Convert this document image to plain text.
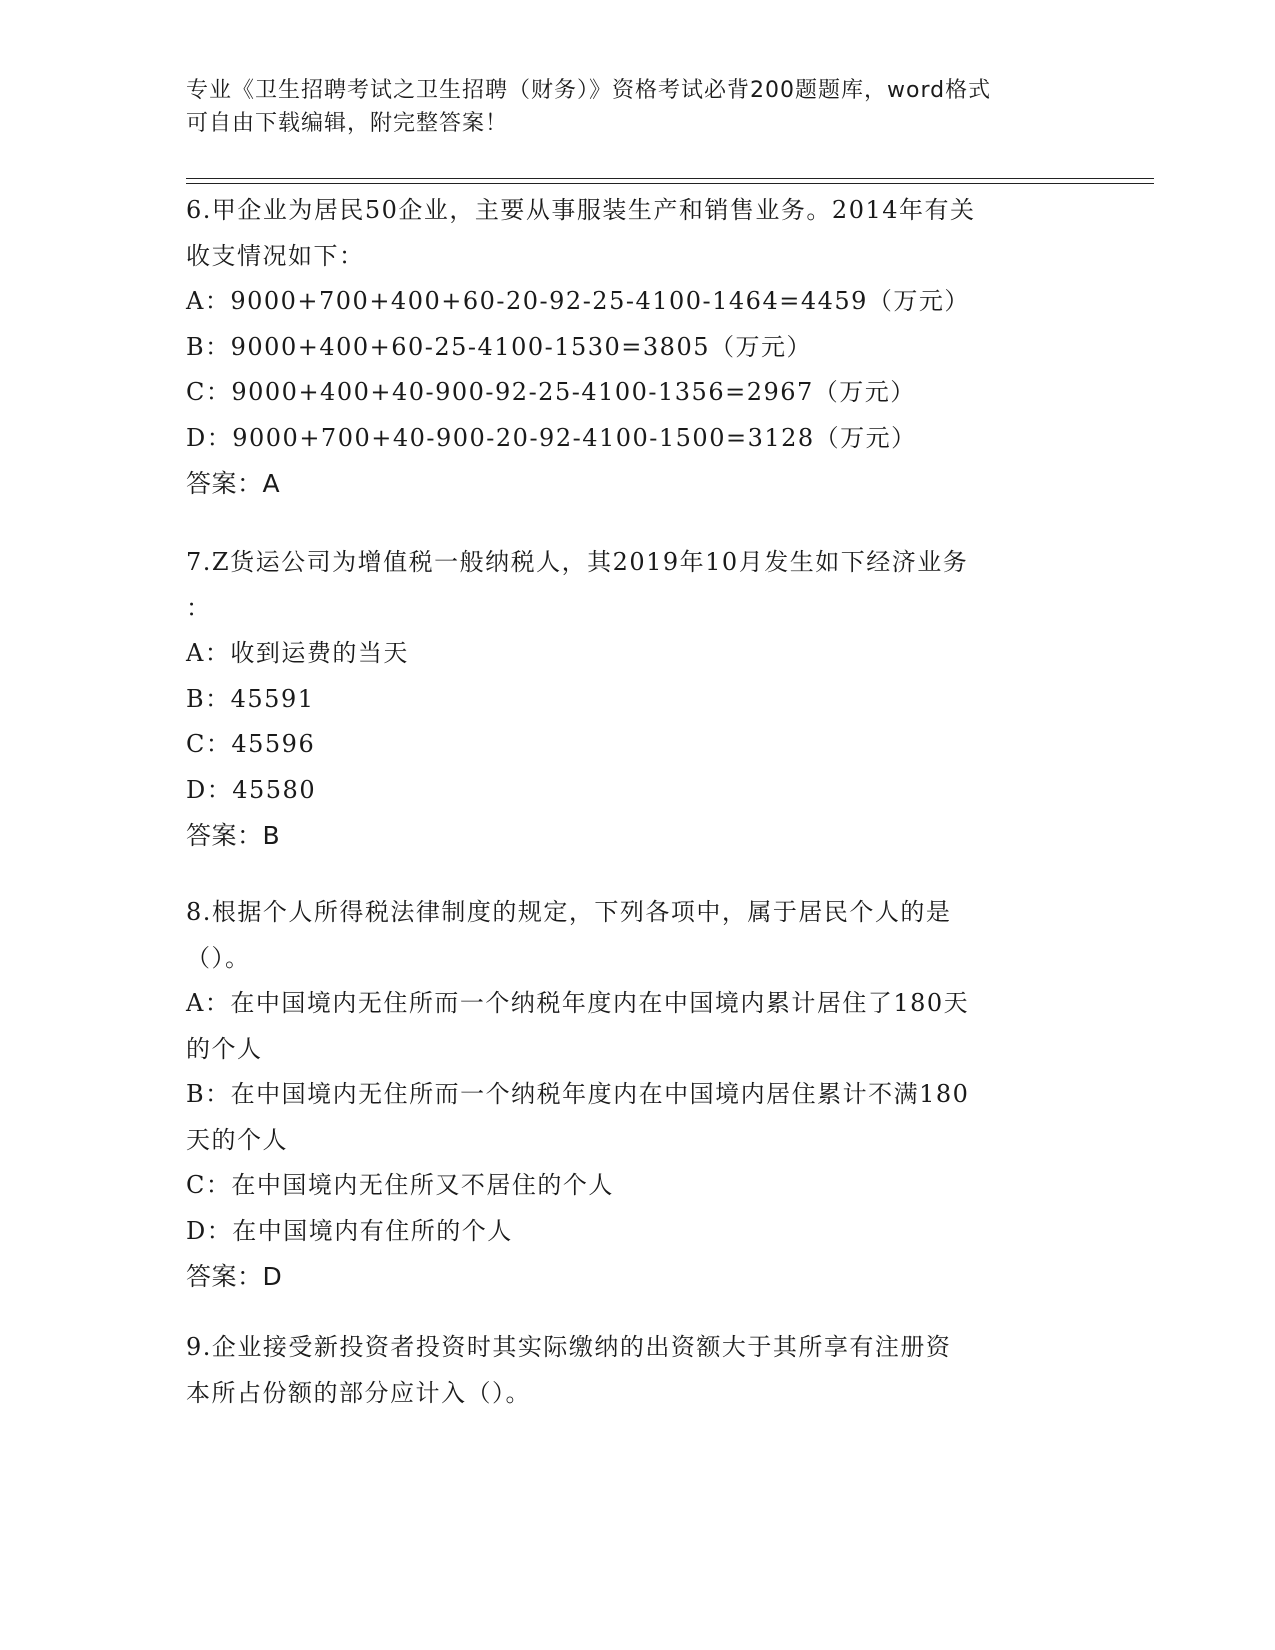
专业《卫生招聘考试之卫生招聘（财务）》资格考试必背200题题库，word格式
可自由下载编辑，附完整答案！
6.甲企业为居民50企业，主要从事服装生产和销售业务。2014年有关
收支情况如下：
A：9000+700+400+60-20-92-25-4100-1464=4459（万元）
B：9000+400+60-25-4100-1530=3805（万元）
C：9000+400+40-900-92-25-4100-1356=2967（万元）
D：9000+700+40-900-20-92-4100-1500=3128（万元）
答案：A
7.Z货运公司为增值税一般纳税人，其2019年10月发生如下经济业务
：
A：收到运费的当天
B：45591
C：45596
D：45580
答案：B
8.根据个人所得税法律制度的规定，下列各项中，属于居民个人的是
（）。
A：在中国境内无住所而一个纳税年度内在中国境内累计居住了180天
的个人
B：在中国境内无住所而一个纳税年度内在中国境内居住累计不满180
天的个人
C：在中国境内无住所又不居住的个人
D：在中国境内有住所的个人
答案：D
9.企业接受新投资者投资时其实际缴纳的出资额大于其所享有注册资
本所占份额的部分应计入（）。
